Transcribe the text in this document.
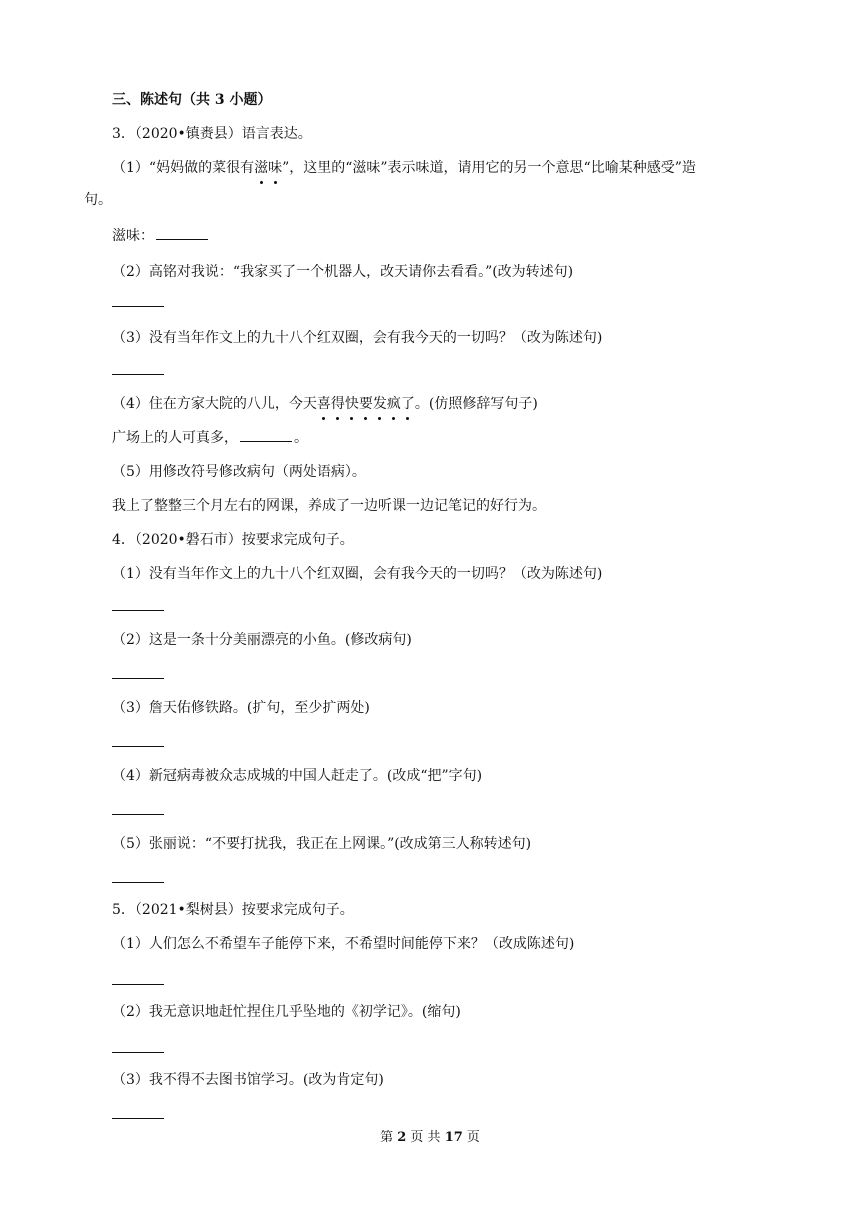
三、陈述句（共 3 小题）
3．（2020•镇赉县）语言表达。
（1）“妈妈做的菜很有滋味”，这里的“滋味”表示味道，请用它的另一个意思“比喻某种感受”造
句。
滋味：
（2）高铭对我说：“我家买了一个机器人，改天请你去看看。”(改为转述句)
（3）没有当年作文上的九十八个红双圈，会有我今天的一切吗？（改为陈述句)
（4）住在方家大院的八儿，今天喜得快要发疯了。(仿照修辞写句子)
广场上的人可真多，	。
（5）用修改符号修改病句（两处语病）。
我上了整整三个月左右的网课，养成了一边听课一边记笔记的好行为。
4．（2020•磐石市）按要求完成句子。
（1）没有当年作文上的九十八个红双圈，会有我今天的一切吗？（改为陈述句)
（2）这是一条十分美丽漂亮的小鱼。(修改病句)
（3）詹天佑修铁路。(扩句，至少扩两处)
（4）新冠病毒被众志成城的中国人赶走了。(改成“把”字句)
（5）张丽说：“不要打扰我，我正在上网课。”(改成第三人称转述句)
5．（2021•梨树县）按要求完成句子。
（1）人们怎么不希望车子能停下来，不希望时间能停下来？（改成陈述句)
（2）我无意识地赶忙捏住几乎坠地的《初学记》。(缩句)
（3）我不得不去图书馆学习。(改为肯定句)
第 2 页 共 17 页
